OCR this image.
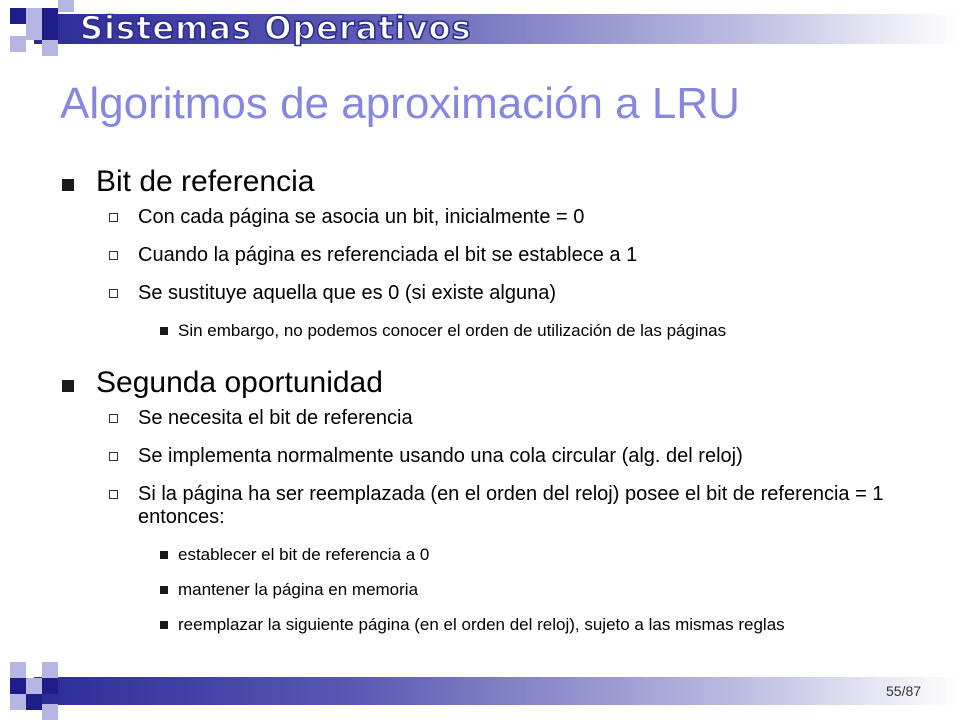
Sistemas Operativos
Algoritmos de aproximación a LRU
Bit de referencia
Con cada página se asocia un bit, inicialmente = 0
Cuando la página es referenciada el bit se establece a 1
Se sustituye aquella que es 0 (si existe alguna)
Sin embargo, no podemos conocer el orden de utilización de las páginas
Segunda oportunidad
Se necesita el bit de referencia
Se implementa normalmente usando una cola circular (alg. del reloj)
Si la página ha ser reemplazada (en el orden del reloj) posee el bit de referencia = 1 entonces:
establecer el bit de referencia a 0
mantener la página en memoria
reemplazar la siguiente página (en el orden del reloj), sujeto a las mismas reglas
55/87
